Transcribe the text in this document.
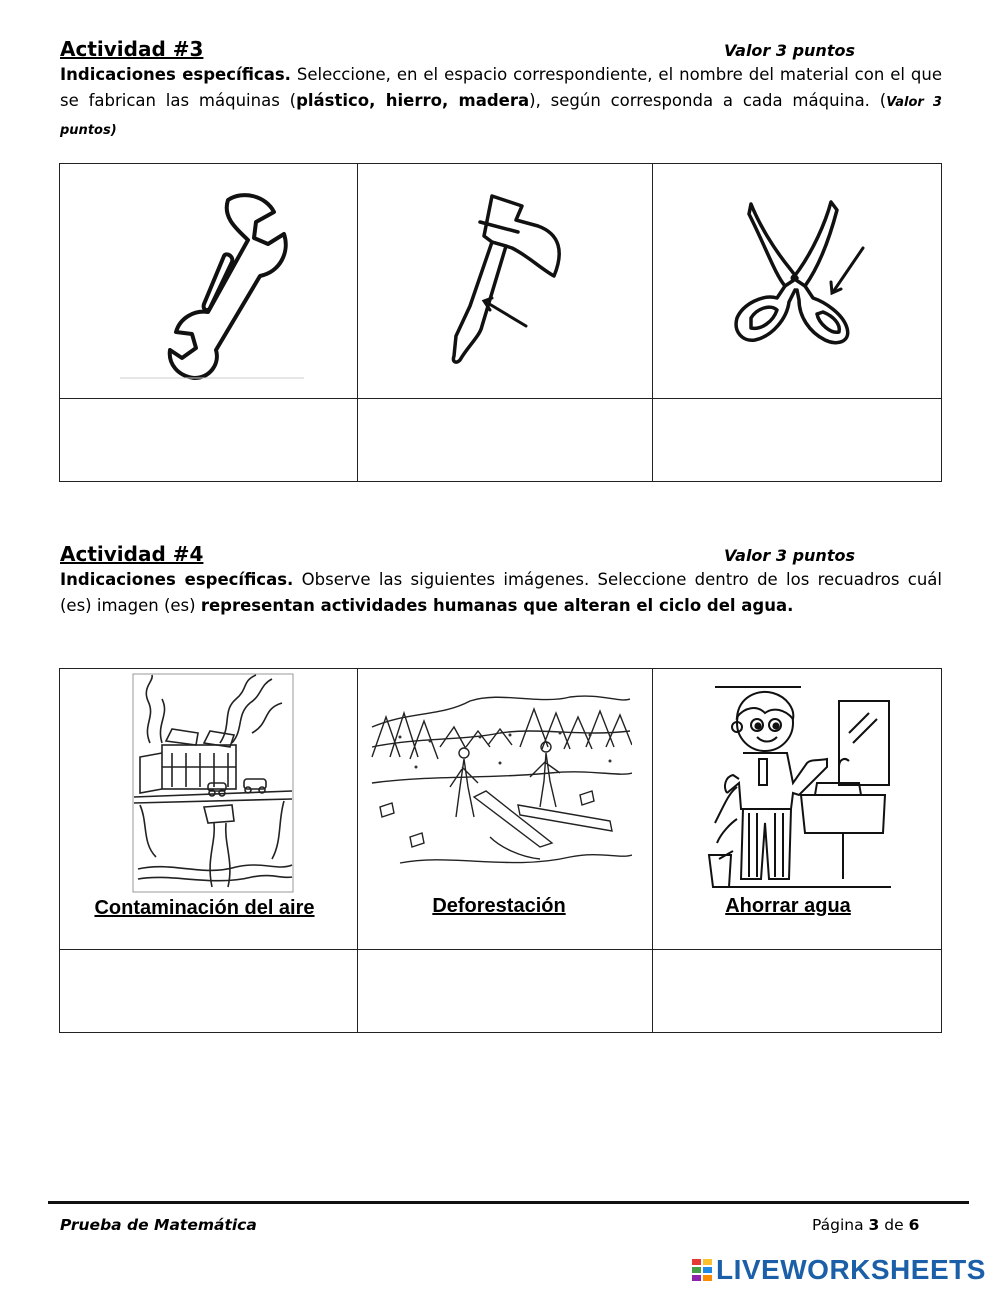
Actividad #3	Valor 3 puntos
Indicaciones específicas. Seleccione, en el espacio correspondiente, el nombre del material con el que se fabrican las máquinas (plástico, hierro, madera), según corresponda a cada máquina. (Valor 3 puntos)

Actividad #4	Valor 3 puntos
Indicaciones específicas. Observe las siguientes imágenes. Seleccione dentro de los recuadros cuál (es) imagen (es) representan actividades humanas que alteran el ciclo del agua.
Contaminación del aire	Deforestación	Ahorrar agua

Prueba de Matemática	Página 3 de 6
LIVEWORKSHEETS
